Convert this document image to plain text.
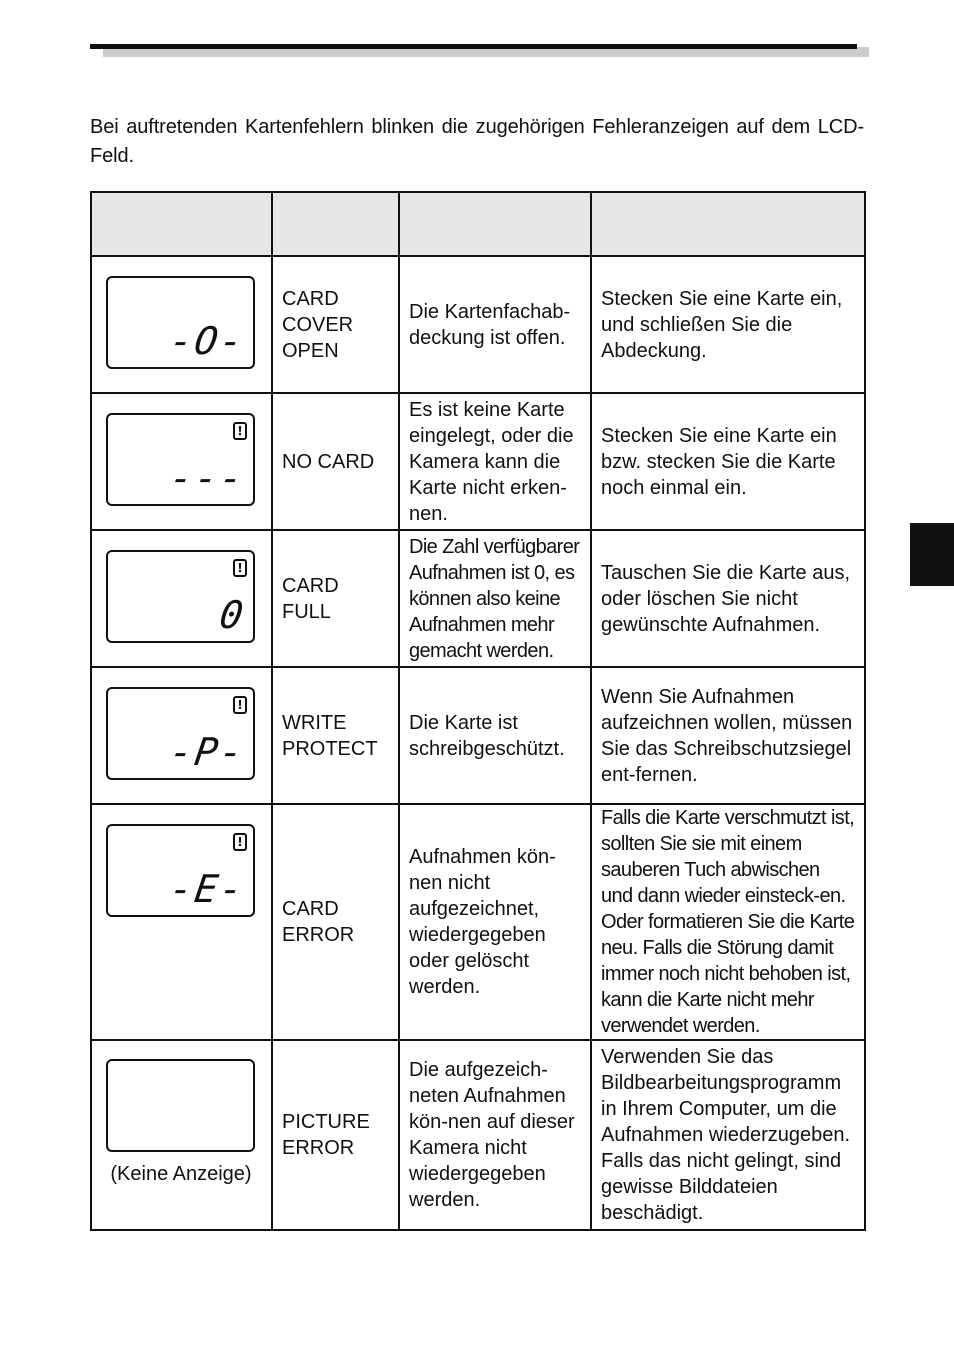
Bei auftretenden Kartenfehlern blinken die zugehörigen Fehleranzeigen auf dem LCD-Feld.

-O-	CARD COVER OPEN	Die Kartenfachab-deckung ist offen.	Stecken Sie eine Karte ein, und schließen Sie die Abdeckung.

!
---	NO CARD	Es ist keine Karte eingelegt, oder die Kamera kann die Karte nicht erken-nen.	Stecken Sie eine Karte ein bzw. stecken Sie die Karte noch einmal ein.

!
0	CARD FULL	Die Zahl verfügbarer Aufnahmen ist 0, es können also keine Aufnahmen mehr gemacht werden.	Tauschen Sie die Karte aus, oder löschen Sie nicht gewünschte Aufnahmen.

!
-P-	WRITE PROTECT	Die Karte ist schreibgeschützt.	Wenn Sie Aufnahmen aufzeichnen wollen, müssen Sie das Schreibschutzsiegel ent-fernen.

!
-E-	CARD ERROR	Aufnahmen kön-nen nicht aufgezeichnet, wiedergegeben oder gelöscht werden.	Falls die Karte verschmutzt ist, sollten Sie sie mit einem sauberen Tuch abwischen und dann wieder einsteck-en. Oder formatieren Sie die Karte neu. Falls die Störung damit immer noch nicht behoben ist, kann die Karte nicht mehr verwendet werden.

(Keine Anzeige)	PICTURE ERROR	Die aufgezeich-neten Aufnahmen kön-nen auf dieser Kamera nicht wiedergegeben werden.	Verwenden Sie das Bildbearbeitungsprogramm in Ihrem Computer, um die Aufnahmen wiederzugeben. Falls das nicht gelingt, sind gewisse Bilddateien beschädigt.
